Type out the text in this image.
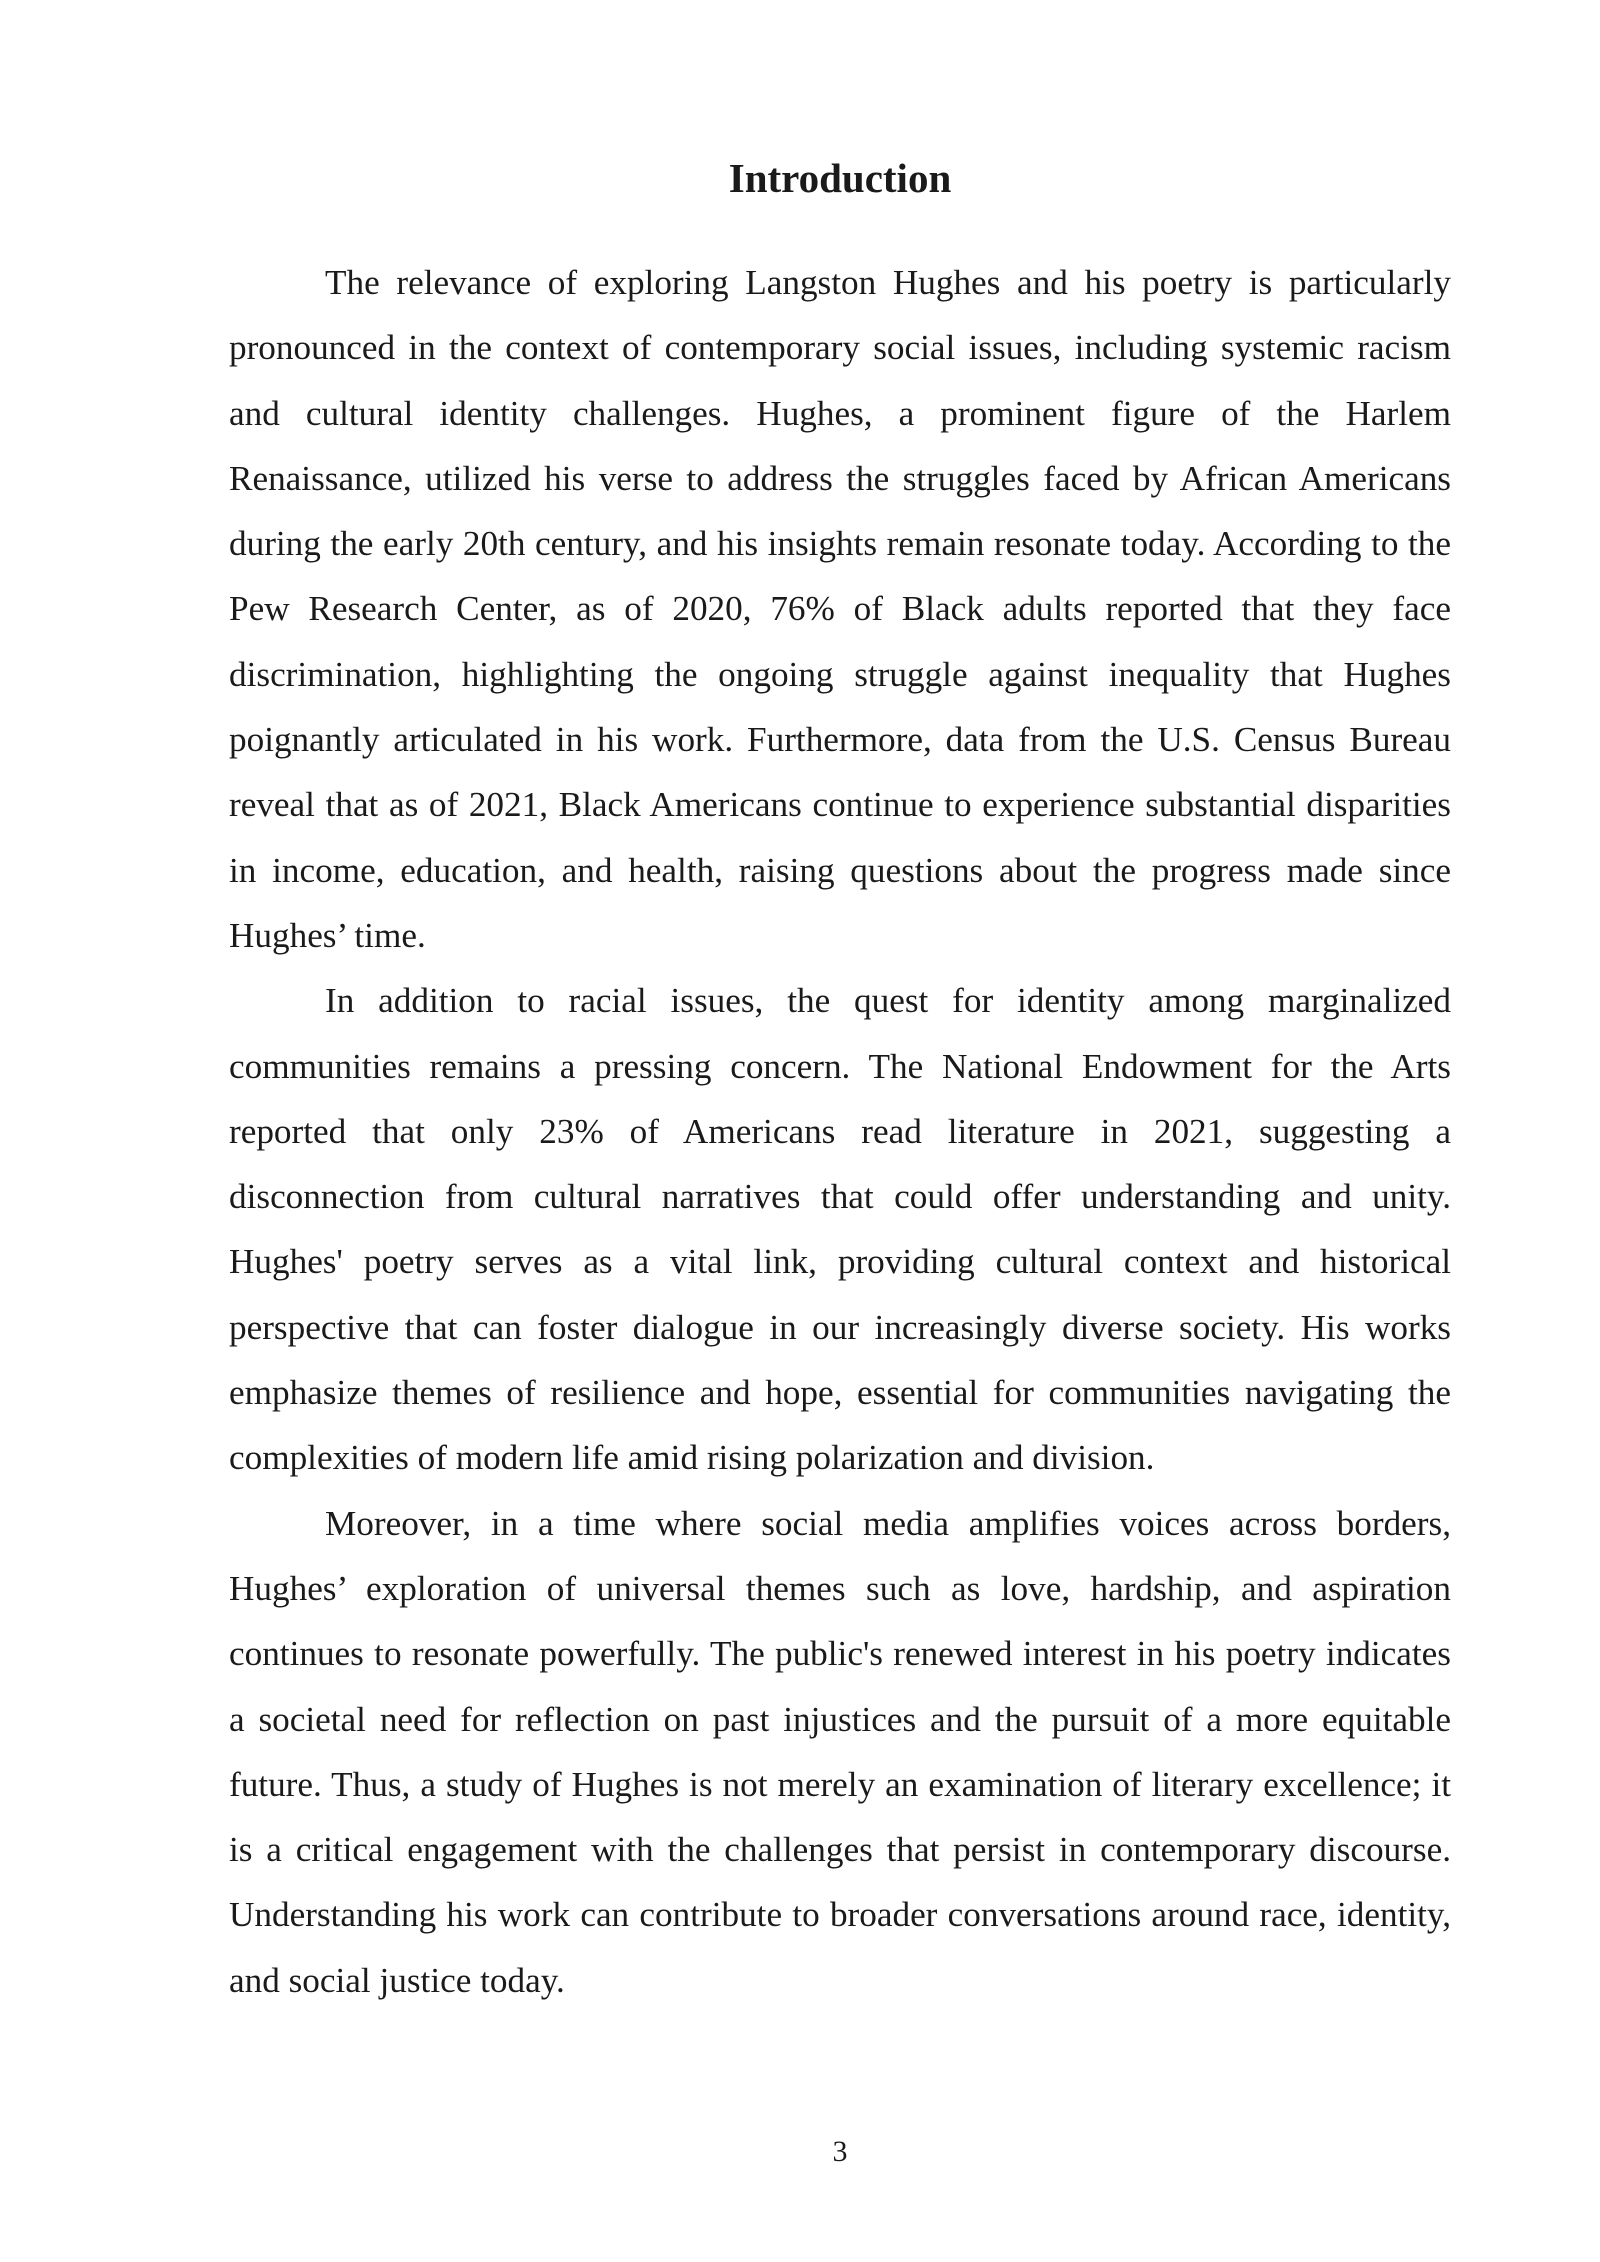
Introduction

The relevance of exploring Langston Hughes and his poetry is particularly pronounced in the context of contemporary social issues, including systemic racism and cultural identity challenges. Hughes, a prominent figure of the Harlem Renaissance, utilized his verse to address the struggles faced by African Americans during the early 20th century, and his insights remain resonate today. According to the Pew Research Center, as of 2020, 76% of Black adults reported that they face discrimination, highlighting the ongoing struggle against inequality that Hughes poignantly articulated in his work. Furthermore, data from the U.S. Census Bureau reveal that as of 2021, Black Americans continue to experience substantial disparities in income, education, and health, raising questions about the progress made since Hughes’ time.

In addition to racial issues, the quest for identity among marginalized communities remains a pressing concern. The National Endowment for the Arts reported that only 23% of Americans read literature in 2021, suggesting a disconnection from cultural narratives that could offer understanding and unity. Hughes' poetry serves as a vital link, providing cultural context and historical perspective that can foster dialogue in our increasingly diverse society. His works emphasize themes of resilience and hope, essential for communities navigating the complexities of modern life amid rising polarization and division.

Moreover, in a time where social media amplifies voices across borders, Hughes’ exploration of universal themes such as love, hardship, and aspiration continues to resonate powerfully. The public's renewed interest in his poetry indicates a societal need for reflection on past injustices and the pursuit of a more equitable future. Thus, a study of Hughes is not merely an examination of literary excellence; it is a critical engagement with the challenges that persist in contemporary discourse. Understanding his work can contribute to broader conversations around race, identity, and social justice today.

3
